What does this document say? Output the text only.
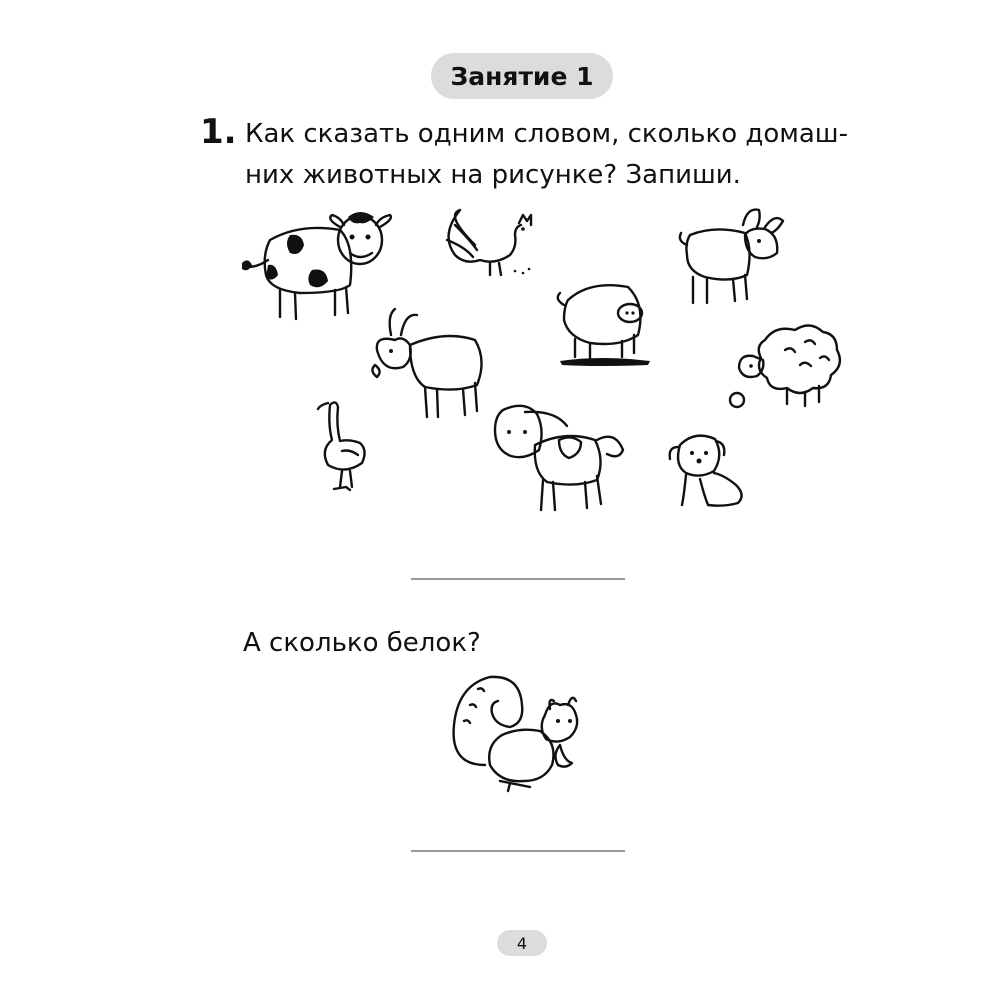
Занятие 1
1. Как сказать одним словом, сколько домаш-
них животных на рисунке? Запиши.
А сколько белок?
4
